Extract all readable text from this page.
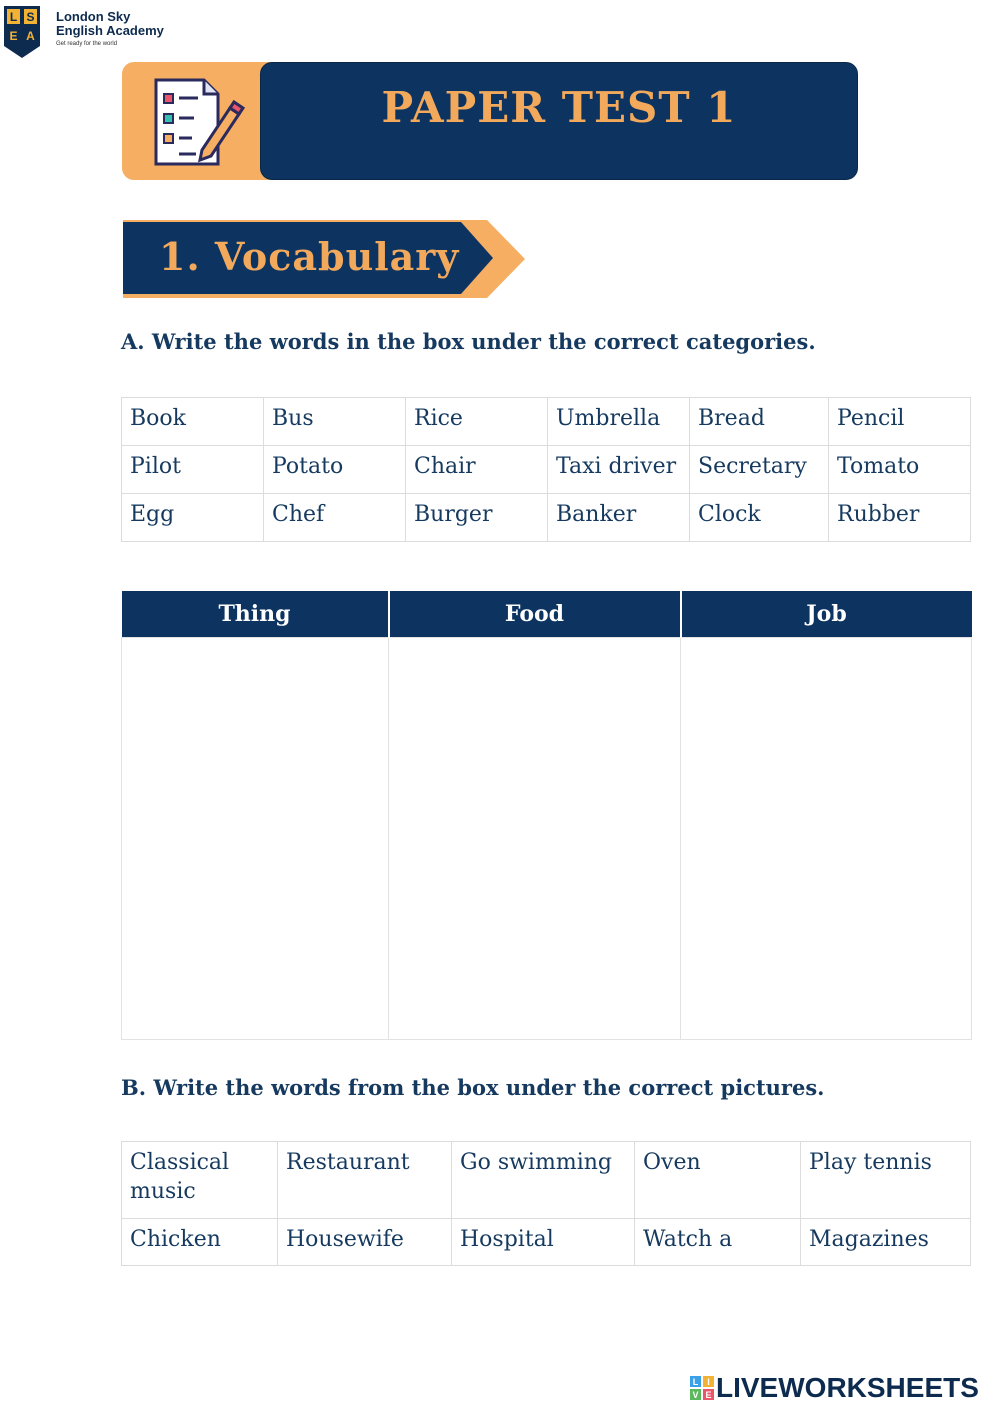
L S
E A
London Sky
English Academy
Get ready for the world
PAPER TEST 1
1. Vocabulary
A. Write the words in the box under the correct categories.
Book	Bus	Rice	Umbrella	Bread	Pencil
Pilot	Potato	Chair	Taxi driver	Secretary	Tomato
Egg	Chef	Burger	Banker	Clock	Rubber
Thing	Food	Job

B. Write the words from the box under the correct pictures.
Classical music	Restaurant	Go swimming	Oven	Play tennis
Chicken	Housewife	Hospital	Watch a	Magazines
L I
V E LIVEWORKSHEETS
